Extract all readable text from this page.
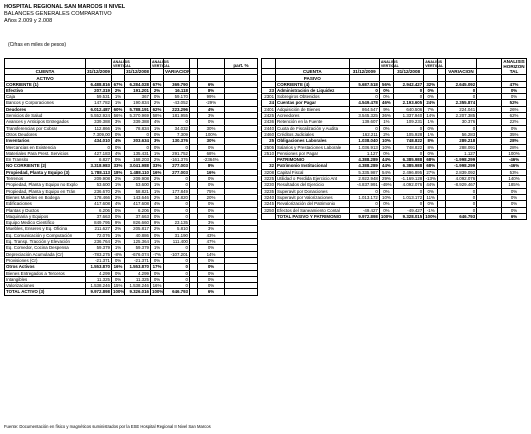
HOSPITAL REGIONAL SAN MARCOS II NIVEL
BALANCES GENERALES COMPARATIVO
Años 2.009 y 2.008
(Cifras en miles de pesos)
		ANALISIS VERTICAL		ANALISIS VERTICAL				part. %
CUENTA	31/12/2009		31/12/2008		VARIACION			
ACTIVO								
CORRIENTE (1)	6.488.816	67%	6.284.028	67%	369.790		6%	
Efectivo	207.319	2%	191.201	2%	16.118		8%	
Caja	59.531	1%	367	0%	59.170		99%	
Bancos y Corporaciones	147.782	1%	190.834	2%	-43.052		-29%	
Deudores	6.012.487	60%	5.788.191	62%	223.296		4%	
Servicios de Salud	5.552.924	56%	5.370.969	58%	181.955		3%	
Avances y Anticipos Entregados	339.388	3%	339.388	4%	0		0%	
Transferencias por Cobrar	112.866	1%	78.834	1%	34.032		30%	
Otros Deudores	7.309,00	0%	0	0%	7.309		100%	
Inventarios	434.010	4%	303.634	3%	130.376		30%	
Mercancias en Existencia	0	0%	0	0%	0		0%	
Materiales Para Prest. Servicios	427.183	4%	135.431	1%	291.752		68%	
En Transito	6.827	0%	168.203	2%	-161.376		-2364%	
NO CORRIENTE (2)	3.318.983	33%	3.041.988	33%	277.003		8%	
Propiedad, Planta y Equipo (3)	1.788.113	18%	1.488.110	16%	277.003		16%	
Terrenos	209.908	2%	209.908	2%	0		0%	
Propiedad, Planta y Equipo no Explo	53.600	1%	53.600	1%	0		0%	
Propiedad, Planta y Equipo en Trán	236.670	2%	58.821	1%	177.849		75%	
Bienes Muebles en Bodega	178.466	2%	143.646	2%	34.820		20%	
Edificaciones	417.608	4%	417.608	4%	0		0%	
Plantas y Ductos	6.206	0%	6.206	0%	0		0%	
Maquinaria y Equipos	37.663	0%	37.663	0%	0		0%	
Equipo Medico Cientifico	849.795	9%	826.660	9%	23.135		3%	
Muebles, Enseres y Eq. Oficina	211.627	2%	205.817	2%	5.810		3%	
Eq. Comunicación y Computación	72.076	1%	40.886	0%	31.190		43%	
Eq. Transp. Tracción y Elevación	236.764	2%	125.364	1%	111.400		47%	
Eq. Comedor, Cocina Despensa	59.379	1%	59.379	1%	0		0%	
Depreciación Acumulada (Cr)	-783.275	-8%	-676.074	-7%	-107.201		14%	
Provisiones (Cr)	-21.371	0%	-21.371	0%	0		0%	
Otros Activos	1.553.870	16%	1.553.870	17%	0		0%	
Bienes Entregados a Terceros	4.299	0%	4.299	0%	0		0%	
Intangibles	11.325	0%	11.325	0%	0		0%	
Valorizaciones	1.538.246	15%	1.538.246	16%	0		0%	
TOTAL ACTIVO (3)	9.972.898	100%	9.326.016	100%	646.793		6%	
			ANALISIS VERTICAL		ANALISIS VERTICAL				ANALISIS HORIZON TAL
	CUENTA	31/12/2009		31/12/2008			VARIACION		
	PASIVO								
	CORRIENTE (4)	5.687.518	56%	2.942.427	32%		2.645.092		47%
23	Administración de Liquidez	0	0%	0	0%		0		0%
2301	Sobregiros Obtenidos	0	0%	0	0%		0		0%
24	Cuentas por Pagar	4.549.478	46%	2.193.605	24%		2.355.874		52%
2401	Adquisición de Bienes	864.547	9%	640.506	7%		224.041		26%
2425	Acreedores	3.545.325	36%	1.337.940	14%		2.207.385		62%
2436	Retención en la Fuente	139.607	1%	109.231	1%		30.376		22%
2440	Cuota de Fiscalización y Audita	0	0%	0	0%		0		0%
2460	Créditos Judiciales	162.211	2%	105.928	1%		56.283		35%
25	Obligaciones Laborales	1.038.040	10%	748.822	8%		289.218		28%
2505	Salarios y Prestaciones Laborale	1.036.913	10%	748.822	8%		288.091		28%
2510	Pensiones por Pagar	1.127	0%	0	0%		1.127		100%
	PATRIMONIO	4.388.289	44%	6.385.988	68%		-1.998.299		-46%
32	Patrimonio Institucional	4.388.289	44%	6.385.988	68%		-1.998.299		-46%
3208	Capital Fiscal	5.335.987	54%	2.496.895	27%		2.839.092		53%
3225	Utilidad o Perdida Ejercicio Ant	2.922.948	29%	-1.169.128	-13%		4.092.076		140%
3230	Resultados del Ejercicio	-4.837.991	-49%	4.092.076	44%		-8.929.467		185%
3235	Superavit por Donaciones	0	0%	0	0%		0		0%
3240	Superavit por Valorizaciones	1.013.172	10%	1.013.172	11%		0		0%
3245	Revalorización del Patrimonio	0	0%	0	0%		0		0%
3250	Efectos del Saneamiento Contal	-49.427	0%	-49.427	-1%		0		0%
	TOTAL PASIVO Y PATRIMONIO	9.972.898	100%	9.328.015	100%		646.793		6%
Fuente: Documentación en físico y magnéticos suministrados por la ESE Hospital Regional II Nivel San Marcos
